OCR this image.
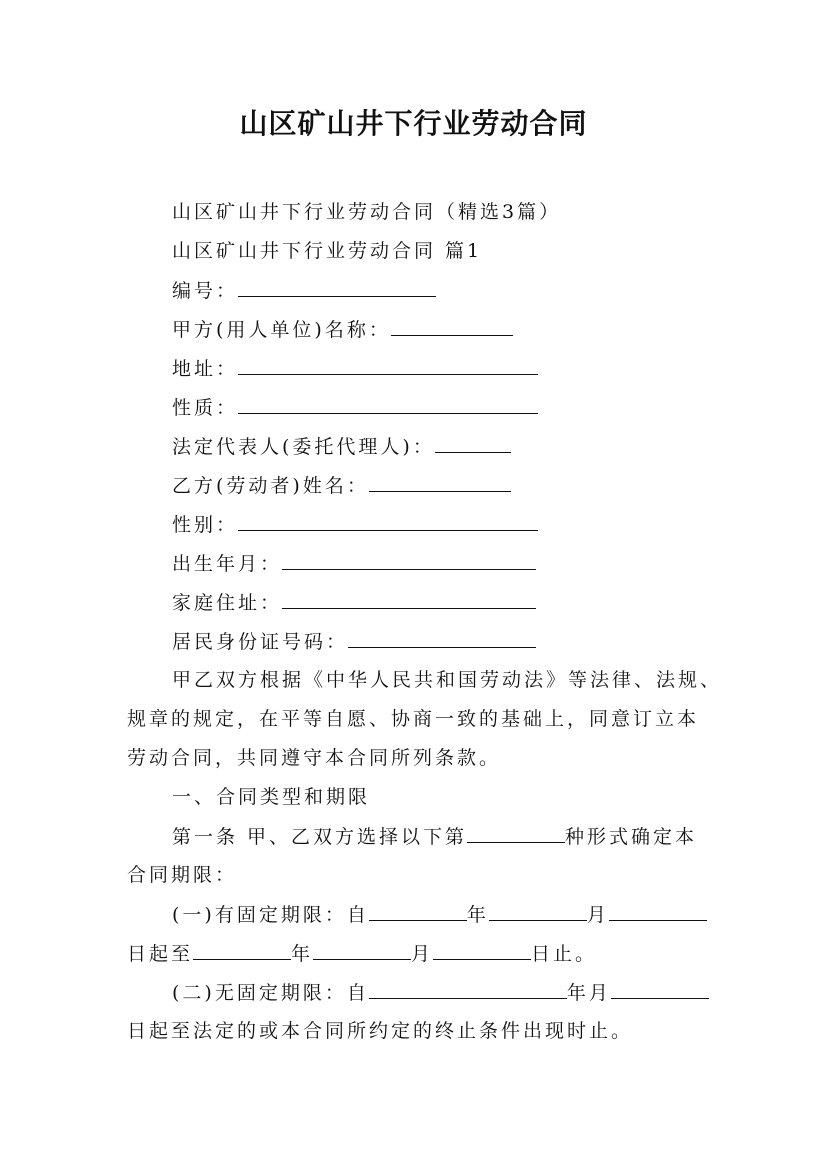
山区矿山井下行业劳动合同
山区矿山井下行业劳动合同（精选3篇）
山区矿山井下行业劳动合同 篇1
编号：
甲方(用人单位)名称：
地址：
性质：
法定代表人(委托代理人)：
乙方(劳动者)姓名：
性别：
出生年月：
家庭住址：
居民身份证号码：
甲乙双方根据《中华人民共和国劳动法》等法律、法规、
规章的规定，在平等自愿、协商一致的基础上，同意订立本
劳动合同，共同遵守本合同所列条款。
一、合同类型和期限
第一条 甲、乙双方选择以下第	种形式确定本
合同期限：
(一)有固定期限：自	年	月
日起至	年	月	日止。
(二)无固定期限：自	年月
日起至法定的或本合同所约定的终止条件出现时止。
